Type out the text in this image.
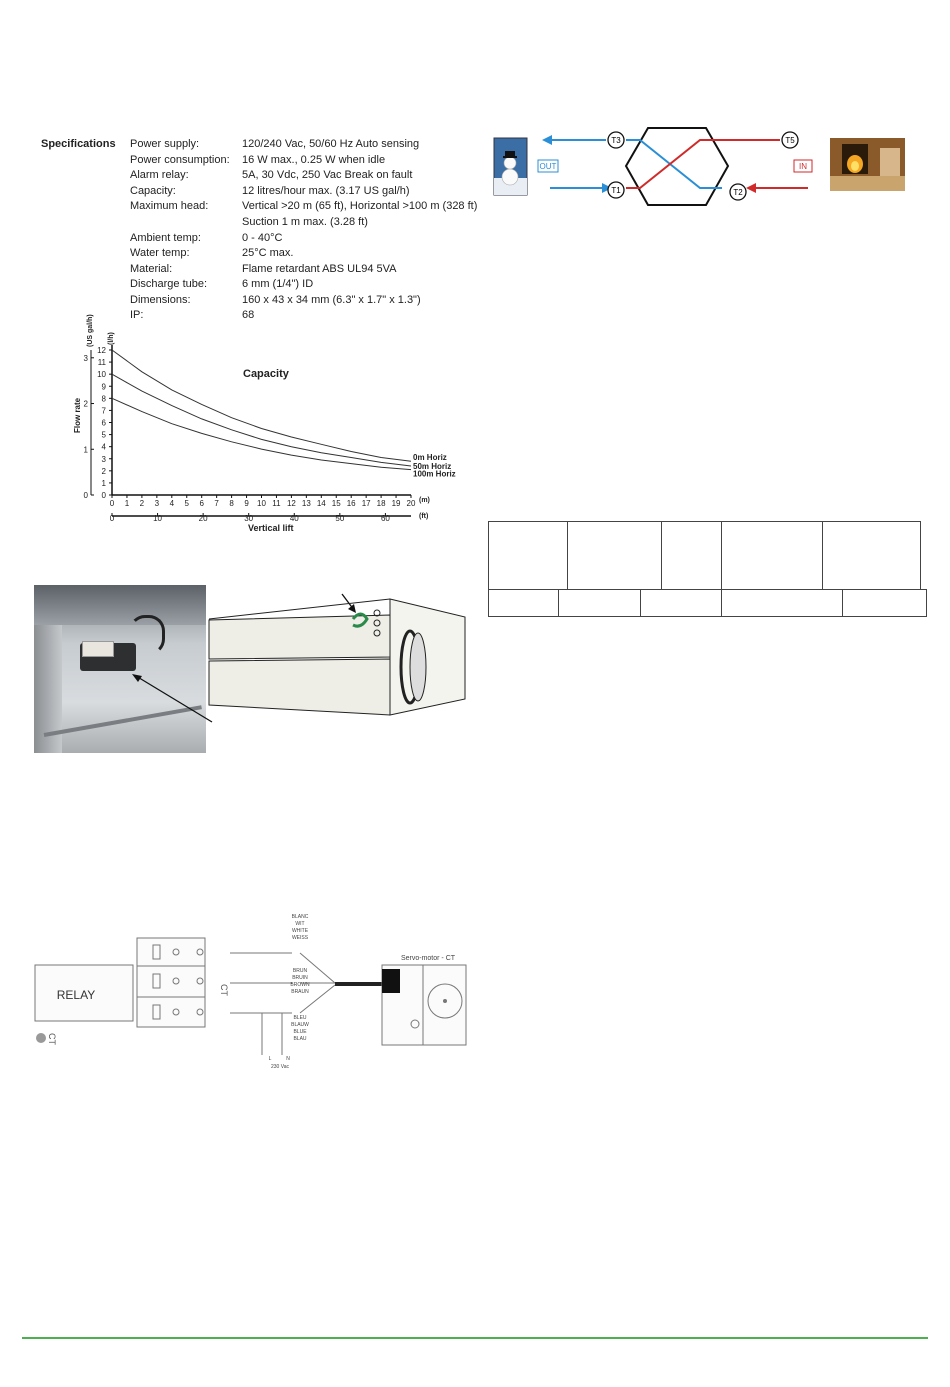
Specifications Power supply:	120/240 Vac, 50/60 Hz Auto sensing
Power consumption: 16 W max., 0.25 W when idle
Alarm relay:	5A, 30 Vdc, 250 Vac Break on fault
Capacity:	12 litres/hour max. (3.17 US gal/h)
Maximum head:	Vertical >20 m (65 ft), Horizontal >100 m (328 ft)
Suction 1 m max. (3.28 ft)
Ambient temp:	0 - 40°C
Water temp:	25°C max.
Material:	Flame retardant ABS UL94 5VA
Discharge tube:	6 mm (1/4") ID
Dimensions:	160 x 43 x 34 mm (6.3" x 1.7" x 1.3")
IP:	68
0
1
2
3
4
5
6
7
8
9
10
11
12
0
1
2
3
0 1 2 3 4 5 6 7 8 9 10 11 12 13 14 15 16 17 18 19 20
0	10	20	30	40	50	60
0m Horiz
50m Horiz
100m Horiz
Capacity
Vertical lift
Flow rate
(US gal/h) (l/h)
(m)
(ft)
T3	T5
T1	T2
OUT	IN
RELAY	CT
BLANC
WIT
WHITE
WEISS
BRUN
BRUIN
BROWN
BRAUN
BLEU
BLAUW
BLUE
BLAU
L	N
230 Vac
Servo-motor - CT
CT
